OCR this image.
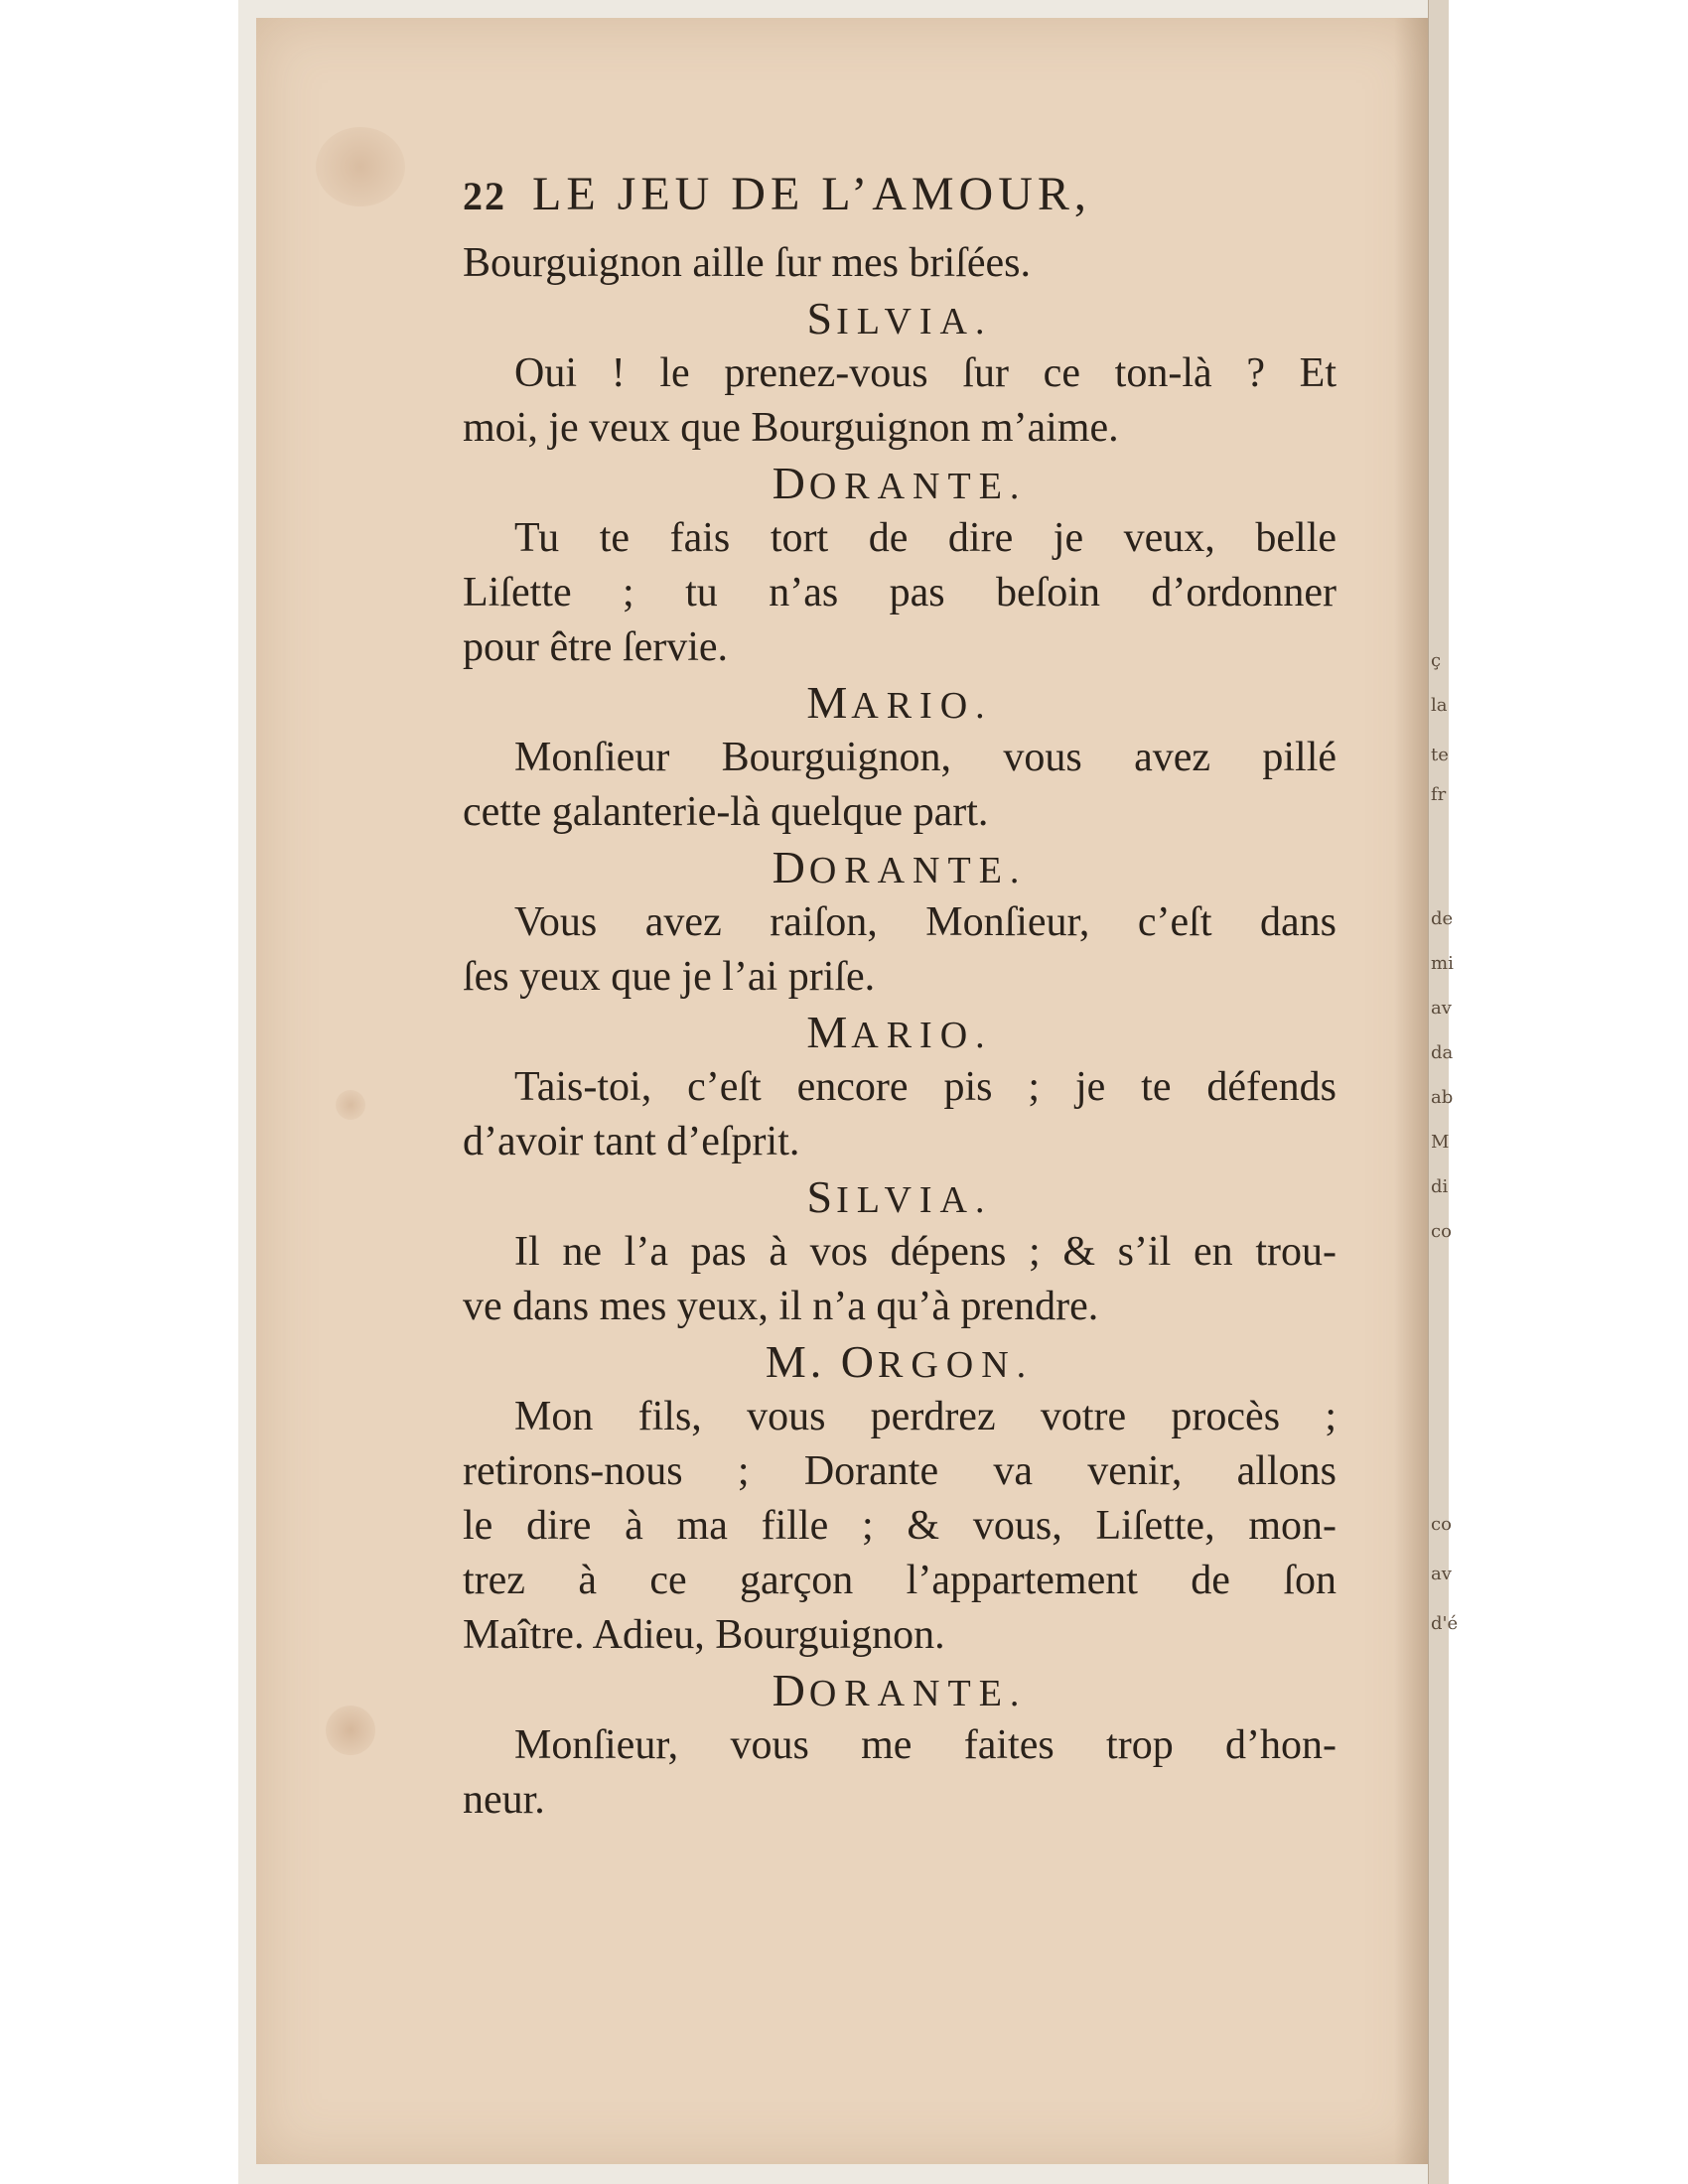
ç
la
te
fr
de
mi
av
da
ab
M
di
co
co
av
d'é
22 LE JEU DE L’AMOUR,
Bourguignon aille ſur mes briſées.
SILVIA.
Oui ! le prenez-vous ſur ce ton-là ? Et
moi, je veux que Bourguignon m’aime.
DORANTE.
Tu te fais tort de dire je veux, belle
Liſette ; tu n’as pas beſoin d’ordonner
pour être ſervie.
MARIO.
Monſieur Bourguignon, vous avez pillé
cette galanterie-là quelque part.
DORANTE.
Vous avez raiſon, Monſieur, c’eſt dans
ſes yeux que je l’ai priſe.
MARIO.
Tais-toi, c’eſt encore pis ; je te défends
d’avoir tant d’eſprit.
SILVIA.
Il ne l’a pas à vos dépens ; & s’il en trou-
ve dans mes yeux, il n’a qu’à prendre.
M. ORGON.
Mon fils, vous perdrez votre procès ;
retirons-nous ; Dorante va venir, allons
le dire à ma fille ; & vous, Liſette, mon-
trez à ce garçon l’appartement de ſon
Maître. Adieu, Bourguignon.
DORANTE.
Monſieur, vous me faites trop d’hon-
neur.
